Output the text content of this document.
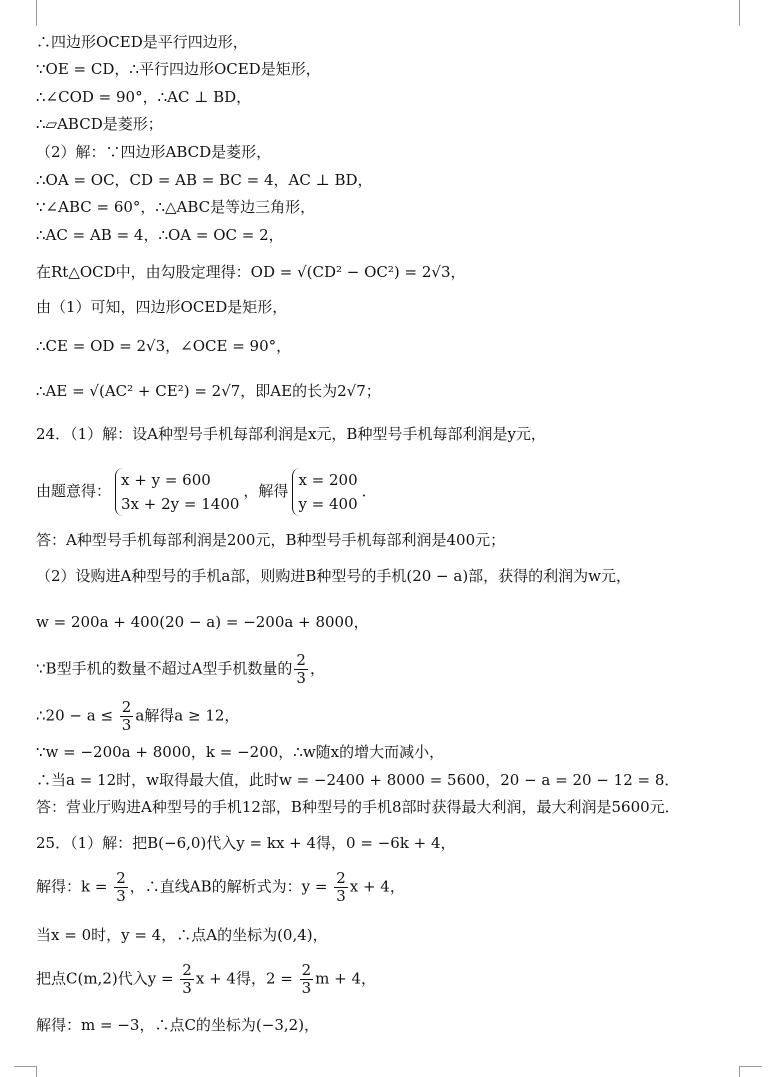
∴四边形OCED是平行四边形，
∵OE = CD，∴平行四边形OCED是矩形，
∴∠COD = 90°，∴AC ⊥ BD，
∴▱ABCD是菱形；
（2）解：∵四边形ABCD是菱形，
∴OA = OC，CD = AB = BC = 4，AC ⊥ BD，
∵∠ABC = 60°，∴△ABC是等边三角形，
∴AC = AB = 4，∴OA = OC = 2，
在Rt△OCD中，由勾股定理得：OD = √(CD² − OC²) = 2√3，
由（1）可知，四边形OCED是矩形，
∴CE = OD = 2√3，∠OCE = 90°，
∴AE = √(AC² + CE²) = 2√7，即AE的长为2√7；
24．（1）解：设A种型号手机每部利润是x元，B种型号手机每部利润是y元，
由题意得：
x + y = 600
3x + 2y = 1400
，解得
x = 200
y = 400
．
答：A种型号手机每部利润是200元，B种型号手机每部利润是400元；
（2）设购进A种型号的手机a部，则购进B种型号的手机(20 − a)部，获得的利润为w元，
w = 200a + 400(20 − a) = −200a + 8000，
∵B型手机的数量不超过A型手机数量的 $\frac{2}{3}$ ，
∴20 − $a \le \frac{2}{3}$ a解得a ≥ 12，
∵w = −200a + 8000，k = −200，∴w随x的增大而减小，
∴当a = 12时，w取得最大值，此时w = −2400 + 8000 = 5600，20 − a = 20 − 12 = 8．
答：营业厅购进A种型号的手机12部，B种型号的手机8部时获得最大利润，最大利润是5600元．
25．（1）解：把B(−6,0)代入y = kx + 4得，0 = −6k + 4，
解得：$k = \frac{2}{3}$ ，∴直线AB的解析式为：$y = \frac{2}{3}$ x + 4，
当x = 0时，y = 4，∴点A的坐标为(0,4)，
把点C(m,2)代入$y = \frac{2}{3}$ x + 4得，$2 = \frac{2}{3}$ m + 4，
解得：m = −3，∴点C的坐标为(−3,2)，
